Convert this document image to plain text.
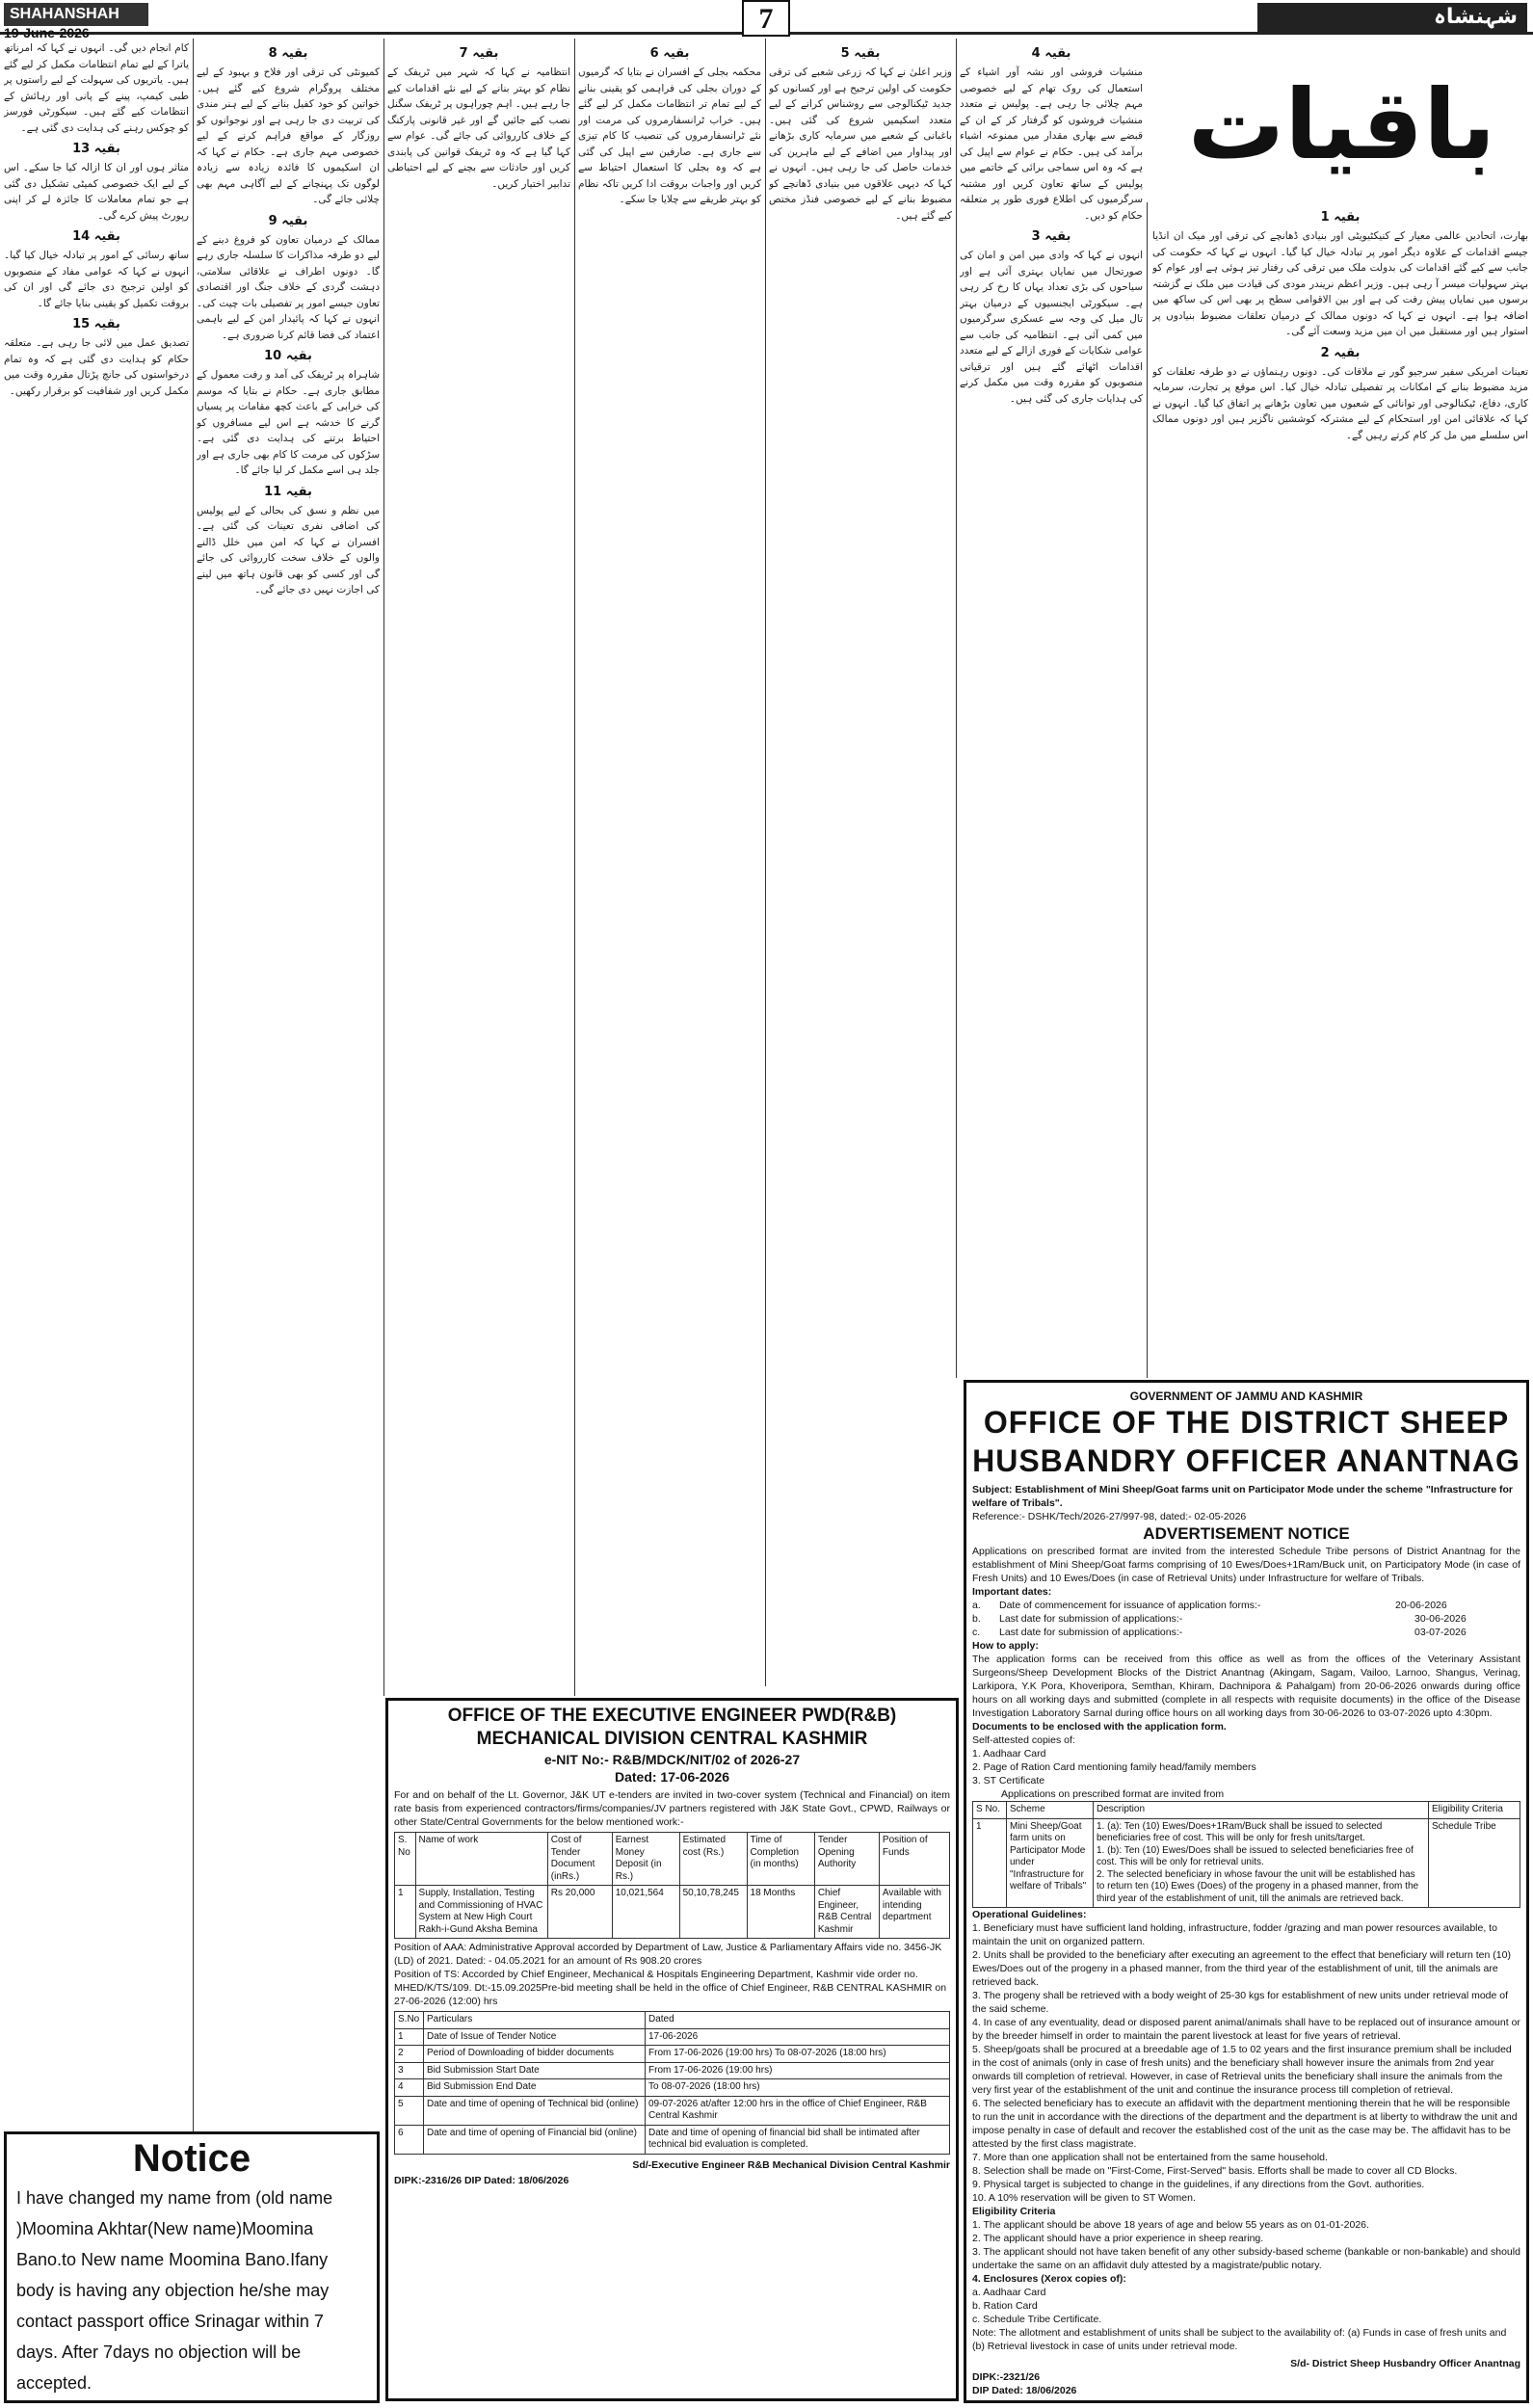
SHAHANSHAH
19-June-2026	7	شہنشاہ
باقیات
کام انجام دیں گی۔ انہوں نے کہا کہ امرناتھ یاترا کے لیے تمام انتظامات مکمل کر لیے گئے ہیں۔ یاتریوں کی سہولت کے لیے راستوں پر طبی کیمپ، پینے کے پانی اور رہائش کے انتظامات کیے گئے ہیں۔ سیکورٹی فورسز کو چوکس رہنے کی ہدایت دی گئی ہے۔
بقیہ 13
متاثر ہوں اور ان کا ازالہ کیا جا سکے۔ اس کے لیے ایک خصوصی کمیٹی تشکیل دی گئی ہے جو تمام معاملات کا جائزہ لے کر اپنی رپورٹ پیش کرے گی۔
بقیہ 14
ساتھ رسائی کے امور پر تبادلہ خیال کیا گیا۔ انہوں نے کہا کہ عوامی مفاد کے منصوبوں کو اولین ترجیح دی جائے گی اور ان کی بروقت تکمیل کو یقینی بنایا جائے گا۔
بقیہ 15
تصدیق عمل میں لائی جا رہی ہے۔ متعلقہ حکام کو ہدایت دی گئی ہے کہ وہ تمام درخواستوں کی جانچ پڑتال مقررہ وقت میں مکمل کریں اور شفافیت کو برقرار رکھیں۔
بقیہ 8
کمیونٹی کی ترقی اور فلاح و بہبود کے لیے مختلف پروگرام شروع کیے گئے ہیں۔ خواتین کو خود کفیل بنانے کے لیے ہنر مندی کی تربیت دی جا رہی ہے اور نوجوانوں کو روزگار کے مواقع فراہم کرنے کے لیے خصوصی مہم جاری ہے۔ حکام نے کہا کہ ان اسکیموں کا فائدہ زیادہ سے زیادہ لوگوں تک پہنچانے کے لیے آگاہی مہم بھی چلائی جائے گی۔
بقیہ 9
ممالک کے درمیان تعاون کو فروغ دینے کے لیے دو طرفہ مذاکرات کا سلسلہ جاری رہے گا۔ دونوں اطراف نے علاقائی سلامتی، دہشت گردی کے خلاف جنگ اور اقتصادی تعاون جیسے امور پر تفصیلی بات چیت کی۔ انہوں نے کہا کہ پائیدار امن کے لیے باہمی اعتماد کی فضا قائم کرنا ضروری ہے۔
بقیہ 10
شاہراہ پر ٹریفک کی آمد و رفت معمول کے مطابق جاری ہے۔ حکام نے بتایا کہ موسم کی خرابی کے باعث کچھ مقامات پر پسیاں گرنے کا خدشہ ہے اس لیے مسافروں کو احتیاط برتنے کی ہدایت دی گئی ہے۔ سڑکوں کی مرمت کا کام بھی جاری ہے اور جلد ہی اسے مکمل کر لیا جائے گا۔
بقیہ 11
میں نظم و نسق کی بحالی کے لیے پولیس کی اضافی نفری تعینات کی گئی ہے۔ افسران نے کہا کہ امن میں خلل ڈالنے والوں کے خلاف سخت کارروائی کی جائے گی اور کسی کو بھی قانون ہاتھ میں لینے کی اجازت نہیں دی جائے گی۔
بقیہ 7
انتظامیہ نے کہا کہ شہر میں ٹریفک کے نظام کو بہتر بنانے کے لیے نئے اقدامات کیے جا رہے ہیں۔ اہم چوراہوں پر ٹریفک سگنل نصب کیے جائیں گے اور غیر قانونی پارکنگ کے خلاف کارروائی کی جائے گی۔ عوام سے کہا گیا ہے کہ وہ ٹریفک قوانین کی پابندی کریں اور حادثات سے بچنے کے لیے احتیاطی تدابیر اختیار کریں۔
بقیہ 6
محکمہ بجلی کے افسران نے بتایا کہ گرمیوں کے دوران بجلی کی فراہمی کو یقینی بنانے کے لیے تمام تر انتظامات مکمل کر لیے گئے ہیں۔ خراب ٹرانسفارمروں کی مرمت اور نئے ٹرانسفارمروں کی تنصیب کا کام تیزی سے جاری ہے۔ صارفین سے اپیل کی گئی ہے کہ وہ بجلی کا استعمال احتیاط سے کریں اور واجبات بروقت ادا کریں تاکہ نظام کو بہتر طریقے سے چلایا جا سکے۔
بقیہ 5
وزیر اعلیٰ نے کہا کہ زرعی شعبے کی ترقی حکومت کی اولین ترجیح ہے اور کسانوں کو جدید ٹیکنالوجی سے روشناس کرانے کے لیے متعدد اسکیمیں شروع کی گئی ہیں۔ باغبانی کے شعبے میں سرمایہ کاری بڑھانے اور پیداوار میں اضافے کے لیے ماہرین کی خدمات حاصل کی جا رہی ہیں۔ انہوں نے کہا کہ دیہی علاقوں میں بنیادی ڈھانچے کو مضبوط بنانے کے لیے خصوصی فنڈز مختص کیے گئے ہیں۔
بقیہ 4
منشیات فروشی اور نشہ آور اشیاء کے استعمال کی روک تھام کے لیے خصوصی مہم چلائی جا رہی ہے۔ پولیس نے متعدد منشیات فروشوں کو گرفتار کر کے ان کے قبضے سے بھاری مقدار میں ممنوعہ اشیاء برآمد کی ہیں۔ حکام نے عوام سے اپیل کی ہے کہ وہ اس سماجی برائی کے خاتمے میں پولیس کے ساتھ تعاون کریں اور مشتبہ سرگرمیوں کی اطلاع فوری طور پر متعلقہ حکام کو دیں۔
بقیہ 3
انہوں نے کہا کہ وادی میں امن و امان کی صورتحال میں نمایاں بہتری آئی ہے اور سیاحوں کی بڑی تعداد یہاں کا رخ کر رہی ہے۔ سیکورٹی ایجنسیوں کے درمیان بہتر تال میل کی وجہ سے عسکری سرگرمیوں میں کمی آئی ہے۔ انتظامیہ کی جانب سے عوامی شکایات کے فوری ازالے کے لیے متعدد اقدامات اٹھائے گئے ہیں اور ترقیاتی منصوبوں کو مقررہ وقت میں مکمل کرنے کی ہدایات جاری کی گئی ہیں۔
بقیہ 1
بھارت، اتحادیں عالمی معیار کے کنیکٹیویٹی اور بنیادی ڈھانچے کی ترقی اور میک ان انڈیا جیسے اقدامات کے علاوہ دیگر امور پر تبادلہ خیال کیا گیا۔ انہوں نے کہا کہ حکومت کی جانب سے کیے گئے اقدامات کی بدولت ملک میں ترقی کی رفتار تیز ہوئی ہے اور عوام کو بہتر سہولیات میسر آ رہی ہیں۔ وزیر اعظم نریندر مودی کی قیادت میں ملک نے گزشتہ برسوں میں نمایاں پیش رفت کی ہے اور بین الاقوامی سطح پر بھی اس کی ساکھ میں اضافہ ہوا ہے۔ انہوں نے کہا کہ دونوں ممالک کے درمیان تعلقات مضبوط بنیادوں پر استوار ہیں اور مستقبل میں ان میں مزید وسعت آئے گی۔
بقیہ 2
تعینات امریکی سفیر سرجیو گور نے ملاقات کی۔ دونوں رہنماؤں نے دو طرفہ تعلقات کو مزید مضبوط بنانے کے امکانات پر تفصیلی تبادلہ خیال کیا۔ اس موقع پر تجارت، سرمایہ کاری، دفاع، ٹیکنالوجی اور توانائی کے شعبوں میں تعاون بڑھانے پر اتفاق کیا گیا۔ انہوں نے کہا کہ علاقائی امن اور استحکام کے لیے مشترکہ کوششیں ناگزیر ہیں اور دونوں ممالک اس سلسلے میں مل کر کام کرتے رہیں گے۔
OFFICE OF THE EXECUTIVE ENGINEER PWD(R&B)
MECHANICAL DIVISION CENTRAL KASHMIR
e-NIT No:- R&B/MDCK/NIT/02 of 2026-27
Dated: 17-06-2026
For and on behalf of the Lt. Governor, J&K UT e-tenders are invited in two-cover system (Technical and Financial) on item rate basis from experienced contractors/firms/companies/JV partners registered with J&K State Govt., CPWD, Railways or other State/Central Governments for the below mentioned work:-
S. No	Name of work	Cost of Tender Document (inRs.)	Earnest Money Deposit (in Rs.)	Estimated cost (Rs.)	Time of Completion (in months)	Tender Opening Authority	Position of Funds
1	Supply, Installation, Testing and Commissioning of HVAC System at New High Court Rakh-i-Gund Aksha Bemina	Rs 20,000	10,021,564	50,10,78,245	18 Months	Chief Engineer, R&B Central Kashmir	Available with intending department
Position of AAA: Administrative Approval accorded by Department of Law, Justice & Parliamentary Affairs vide no. 3456-JK (LD) of 2021. Dated: - 04.05.2021 for an amount of Rs 908.20 crores
Position of TS: Accorded by Chief Engineer, Mechanical & Hospitals Engineering Department, Kashmir vide order no. MHED/K/TS/109. Dt:-15.09.2025Pre-bid meeting shall be held in the office of Chief Engineer, R&B CENTRAL KASHMIR on 27-06-2026 (12:00) hrs
S.No	Particulars	Dated
1	Date of Issue of Tender Notice	17-06-2026
2	Period of Downloading of bidder documents	From 17-06-2026 (19:00 hrs) To 08-07-2026 (18:00 hrs)
3	Bid Submission Start Date	From 17-06-2026 (19:00 hrs)
4	Bid Submission End Date	To 08-07-2026 (18:00 hrs)
5	Date and time of opening of Technical bid (online)	09-07-2026 at/after 12:00 hrs in the office of Chief Engineer, R&B Central Kashmir
6	Date and time of opening of Financial bid (online)	Date and time of opening of financial bid shall be intimated after technical bid evaluation is completed.
Sd/-Executive Engineer R&B Mechanical Division Central Kashmir
DIPK:-2316/26 DIP Dated: 18/06/2026
GOVERNMENT OF JAMMU AND KASHMIR
OFFICE OF THE DISTRICT SHEEP
HUSBANDRY OFFICER ANANTNAG
Subject: Establishment of Mini Sheep/Goat farms unit on Participator Mode under the scheme "Infrastructure for welfare of Tribals".
Reference:- DSHK/Tech/2026-27/997-98, dated:- 02-05-2026
ADVERTISEMENT NOTICE
Applications on prescribed format are invited from the interested Schedule Tribe persons of District Anantnag for the establishment of Mini Sheep/Goat farms comprising of 10 Ewes/Does+1Ram/Buck unit, on Participatory Mode (in case of Fresh Units) and 10 Ewes/Does (in case of Retrieval Units) under Infrastructure for welfare of Tribals.
Important dates:
a.	Date of commencement for issuance of application forms:-	20-06-2026
b.	Last date for submission of applications:-	30-06-2026
c.	Last date for submission of applications:-	03-07-2026
How to apply:
The application forms can be received from this office as well as from the offices of the Veterinary Assistant Surgeons/Sheep Development Blocks of the District Anantnag (Akingam, Sagam, Vailoo, Larnoo, Shangus, Verinag, Larkipora, Y.K Pora, Khoveripora, Semthan, Khiram, Dachnipora & Pahalgam) from 20-06-2026 onwards during office hours on all working days and submitted (complete in all respects with requisite documents) in the office of the Disease Investigation Laboratory Sarnal during office hours on all working days from 30-06-2026 to 03-07-2026 upto 4:30pm.
Documents to be enclosed with the application form.
Self-attested copies of:
1. Aadhaar Card
2. Page of Ration Card mentioning family head/family members
3. ST Certificate
Applications on prescribed format are invited from
S No.	Scheme	Description	Eligibility Criteria
1	Mini Sheep/Goat farm units on Participator Mode under "Infrastructure for welfare of Tribals"	1. (a): Ten (10) Ewes/Does+1Ram/Buck shall be issued to selected beneficiaries free of cost. This will be only for fresh units/target.
1. (b): Ten (10) Ewes/Does shall be issued to selected beneficiaries free of cost. This will be only for retrieval units.
2. The selected beneficiary in whose favour the unit will be established has to return ten (10) Ewes (Does) of the progeny in a phased manner, from the third year of the establishment of unit, till the animals are retrieved back.	Schedule Tribe
Operational Guidelines:
1. Beneficiary must have sufficient land holding, infrastructure, fodder /grazing and man power resources available, to maintain the unit on organized pattern.
2. Units shall be provided to the beneficiary after executing an agreement to the effect that beneficiary will return ten (10) Ewes/Does out of the progeny in a phased manner, from the third year of the establishment of unit, till the animals are retrieved back.
3. The progeny shall be retrieved with a body weight of 25-30 kgs for establishment of new units under retrieval mode of the said scheme.
4. In case of any eventuality, dead or disposed parent animal/animals shall have to be replaced out of insurance amount or by the breeder himself in order to maintain the parent livestock at least for five years of retrieval.
5. Sheep/goats shall be procured at a breedable age of 1.5 to 02 years and the first insurance premium shall be included in the cost of animals (only in case of fresh units) and the beneficiary shall however insure the animals from 2nd year onwards till completion of retrieval. However, in case of Retrieval units the beneficiary shall insure the animals from the very first year of the establishment of the unit and continue the insurance process till completion of retrieval.
6. The selected beneficiary has to execute an affidavit with the department mentioning therein that he will be responsible to run the unit in accordance with the directions of the department and the department is at liberty to withdraw the unit and impose penalty in case of default and recover the established cost of the unit as the case may be. The affidavit has to be attested by the first class magistrate.
7. More than one application shall not be entertained from the same household.
8. Selection shall be made on "First-Come, First-Served" basis. Efforts shall be made to cover all CD Blocks.
9. Physical target is subjected to change in the guidelines, if any directions from the Govt. authorities.
10. A 10% reservation will be given to ST Women.
Eligibility Criteria
1. The applicant should be above 18 years of age and below 55 years as on 01-01-2026.
2. The applicant should have a prior experience in sheep rearing.
3. The applicant should not have taken benefit of any other subsidy-based scheme (bankable or non-bankable) and should undertake the same on an affidavit duly attested by a magistrate/public notary.
4. Enclosures (Xerox copies of):
a. Aadhaar Card
b. Ration Card
c. Schedule Tribe Certificate.
Note: The allotment and establishment of units shall be subject to the availability of: (a) Funds in case of fresh units and (b) Retrieval livestock in case of units under retrieval mode.
S/d- District Sheep Husbandry Officer Anantnag
DIPK:-2321/26
DIP Dated: 18/06/2026
Notice
I have changed my name from (old name )Moomina Akhtar(New name)Moomina Bano.to New name Moomina Bano.Ifany body is having any objection he/she may contact passport office Srinagar within 7 days. After 7days no objection will be accepted.
